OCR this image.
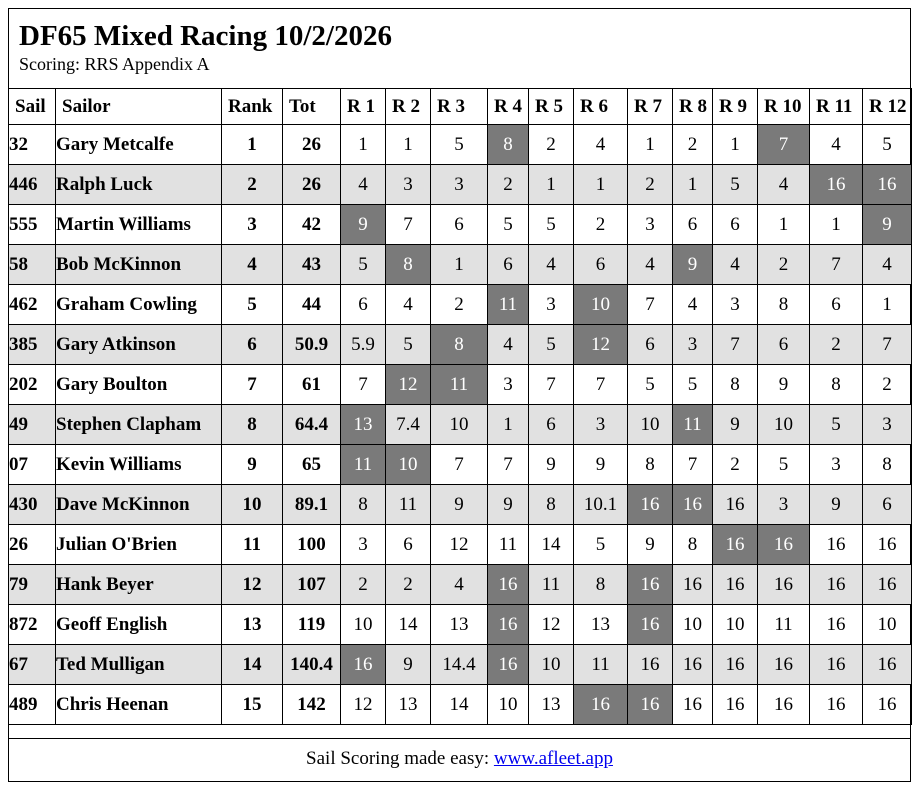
DF65 Mixed Racing 10/2/2026
Scoring: RRS Appendix A
Sail	Sailor	Rank	Tot	R 1	R 2	R 3	R 4	R 5	R 6	R 7	R 8	R 9	R 10	R 11	R 12
32	Gary Metcalfe	1	26	1	1	5	8	2	4	1	2	1	7	4	5
446	Ralph Luck	2	26	4	3	3	2	1	1	2	1	5	4	16	16
555	Martin Williams	3	42	9	7	6	5	5	2	3	6	6	1	1	9
58	Bob McKinnon	4	43	5	8	1	6	4	6	4	9	4	2	7	4
462	Graham Cowling	5	44	6	4	2	11	3	10	7	4	3	8	6	1
385	Gary Atkinson	6	50.9	5.9	5	8	4	5	12	6	3	7	6	2	7
202	Gary Boulton	7	61	7	12	11	3	7	7	5	5	8	9	8	2
49	Stephen Clapham	8	64.4	13	7.4	10	1	6	3	10	11	9	10	5	3
07	Kevin Williams	9	65	11	10	7	7	9	9	8	7	2	5	3	8
430	Dave McKinnon	10	89.1	8	11	9	9	8	10.1	16	16	16	3	9	6
26	Julian O'Brien	11	100	3	6	12	11	14	5	9	8	16	16	16	16
79	Hank Beyer	12	107	2	2	4	16	11	8	16	16	16	16	16	16
872	Geoff English	13	119	10	14	13	16	12	13	16	10	10	11	16	10
67	Ted Mulligan	14	140.4	16	9	14.4	16	10	11	16	16	16	16	16	16
489	Chris Heenan	15	142	12	13	14	10	13	16	16	16	16	16	16	16
Sail Scoring made easy: www.afleet.app
